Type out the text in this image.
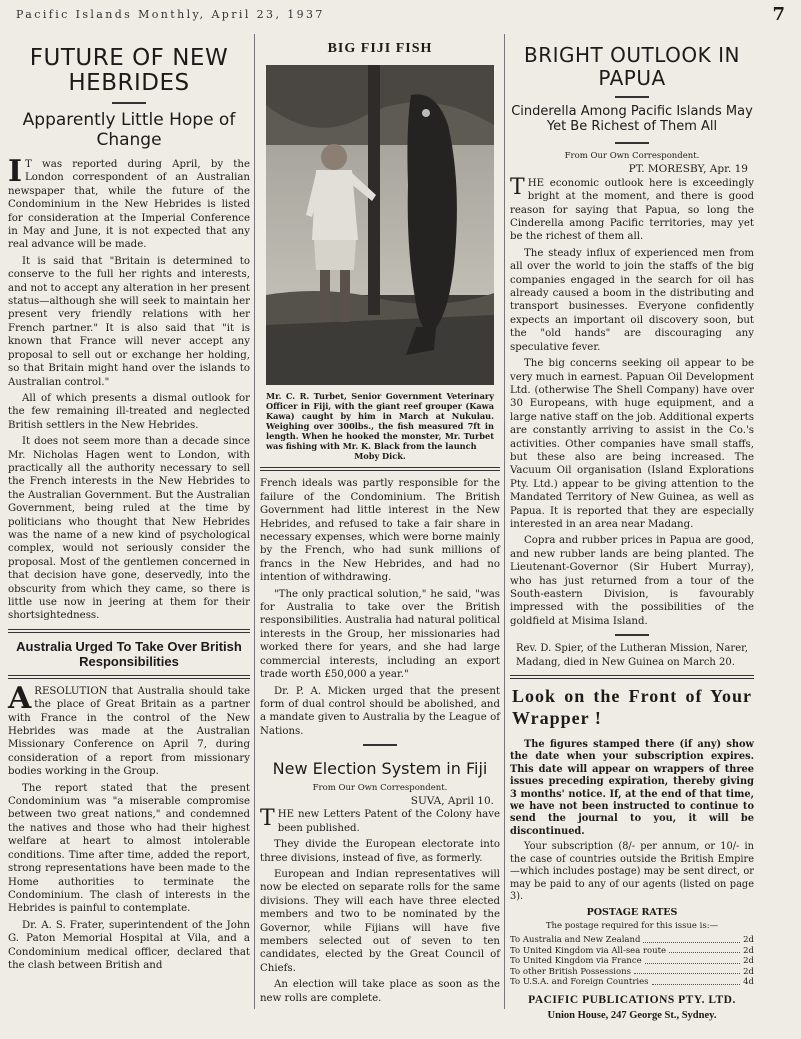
Pacific Islands Monthly, April 23, 1937	7
FUTURE OF NEW HEBRIDES
Apparently Little Hope of Change

I T was reported during April, by the London correspondent of an Australian newspaper that, while the future of the Condominium in the New Hebrides is listed for consideration at the Imperial Conference in May and June, it is not expected that any real advance will be made.

It is said that "Britain is determined to conserve to the full her rights and interests, and not to accept any alteration in her present status—although she will seek to maintain her present very friendly relations with her French partner." It is also said that "it is known that France will never accept any proposal to sell out or exchange her holding, so that Britain might hand over the islands to Australian control."

All of which presents a dismal outlook for the few remaining ill-treated and neglected British settlers in the New Hebrides.

It does not seem more than a decade since Mr. Nicholas Hagen went to London, with practically all the authority necessary to sell the French interests in the New Hebrides to the Australian Government. But the Australian Government, being ruled at the time by politicians who thought that New Hebrides was the name of a new kind of psychological complex, would not seriously consider the proposal. Most of the gentlemen concerned in that decision have gone, deservedly, into the obscurity from which they came, so there is little use now in jeering at them for their shortsightedness.

Australia Urged To Take Over British Responsibilities

ARESOLUTION that Australia should take the place of Great Britain as a partner with France in the control of the New Hebrides was made at the Australian Missionary Conference on April 7, during consideration of a report from missionary bodies working in the Group.

The report stated that the present Condominium was "a miserable compromise between two great nations," and condemned the natives and those who had their highest welfare at heart to almost intolerable conditions. Time after time, added the report, strong representations have been made to the Home authorities to terminate the Condominium. The clash of interests in the Hebrides is painful to contemplate.

Dr. A. S. Frater, superintendent of the John G. Paton Memorial Hospital at Vila, and a Condominium medical officer, declared that the clash between British and

BIG FIJI FISH
Mr. C. R. Turbet, Senior Government Veterinary Officer in Fiji, with the giant reef grouper (Kawa Kawa) caught by him in March at Nukulau. Weighing over 300lbs., the fish measured 7ft in length. When he hooked the monster, Mr. Turbet was fishing with Mr. K. Black from the launch
Moby Dick.

French ideals was partly responsible for the failure of the Condominium. The British Government had little interest in the New Hebrides, and refused to take a fair share in necessary expenses, which were borne mainly by the French, who had sunk millions of francs in the New Hebrides, and had no intention of withdrawing.

"The only practical solution," he said, "was for Australia to take over the British responsibilities. Australia had natural political interests in the Group, her missionaries had worked there for years, and she had large commercial interests, including an export trade worth £50,000 a year."

Dr. P. A. Micken urged that the present form of dual control should be abolished, and a mandate given to Australia by the League of Nations.

New Election System in Fiji
From Our Own Correspondent.
SUVA, April 10.

THE new Letters Patent of the Colony have been published.

They divide the European electorate into three divisions, instead of five, as formerly.

European and Indian representatives will now be elected on separate rolls for the same divisions. They will each have three elected members and two to be nominated by the Governor, while Fijians will have five members selected out of seven to ten candidates, elected by the Great Council of Chiefs.

An election will take place as soon as the new rolls are complete.

BRIGHT OUTLOOK IN PAPUA
Cinderella Among Pacific Islands May Yet Be Richest of Them All
From Our Own Correspondent.
PT. MORESBY, Apr. 19

THE economic outlook here is exceedingly bright at the moment, and there is good reason for saying that Papua, so long the Cinderella among Pacific territories, may yet be the richest of them all.

The steady influx of experienced men from all over the world to join the staffs of the big companies engaged in the search for oil has already caused a boom in the distributing and transport businesses. Everyone confidently expects an important oil discovery soon, but the "old hands" are discouraging any speculative fever.

The big concerns seeking oil appear to be very much in earnest. Papuan Oil Development Ltd. (otherwise The Shell Company) have over 30 Europeans, with huge equipment, and a large native staff on the job. Additional experts are constantly arriving to assist in the Co.'s activities. Other companies have small staffs, but these also are being increased. The Vacuum Oil organisation (Island Explorations Pty. Ltd.) appear to be giving attention to the Mandated Territory of New Guinea, as well as Papua. It is reported that they are especially interested in an area near Madang.

Copra and rubber prices in Papua are good, and new rubber lands are being planted. The Lieutenant-Governor (Sir Hubert Murray), who has just returned from a tour of the South-eastern Division, is favourably impressed with the possibilities of the goldfield at Misima Island.

Rev. D. Spier, of the Lutheran Mission, Narer, Madang, died in New Guinea on March 20.

Look on the Front of Your Wrapper !

The figures stamped there (if any) show the date when your subscription expires. This date will appear on wrappers of three issues preceding expiration, thereby giving 3 months' notice. If, at the end of that time, we have not been instructed to continue to send the journal to you, it will be discontinued.

Your subscription (8/- per annum, or 10/- in the case of countries outside the British Empire—which includes postage) may be sent direct, or may be paid to any of our agents (listed on page 3).

POSTAGE RATES
The postage required for this issue is:—
To Australia and New Zealand	2d
To United Kingdom via All-sea route	2d
To United Kingdom via France	2d
To other British Possessions	2d
To U.S.A. and Foreign Countries	4d
PACIFIC PUBLICATIONS PTY. LTD.
Union House, 247 George St., Sydney.
